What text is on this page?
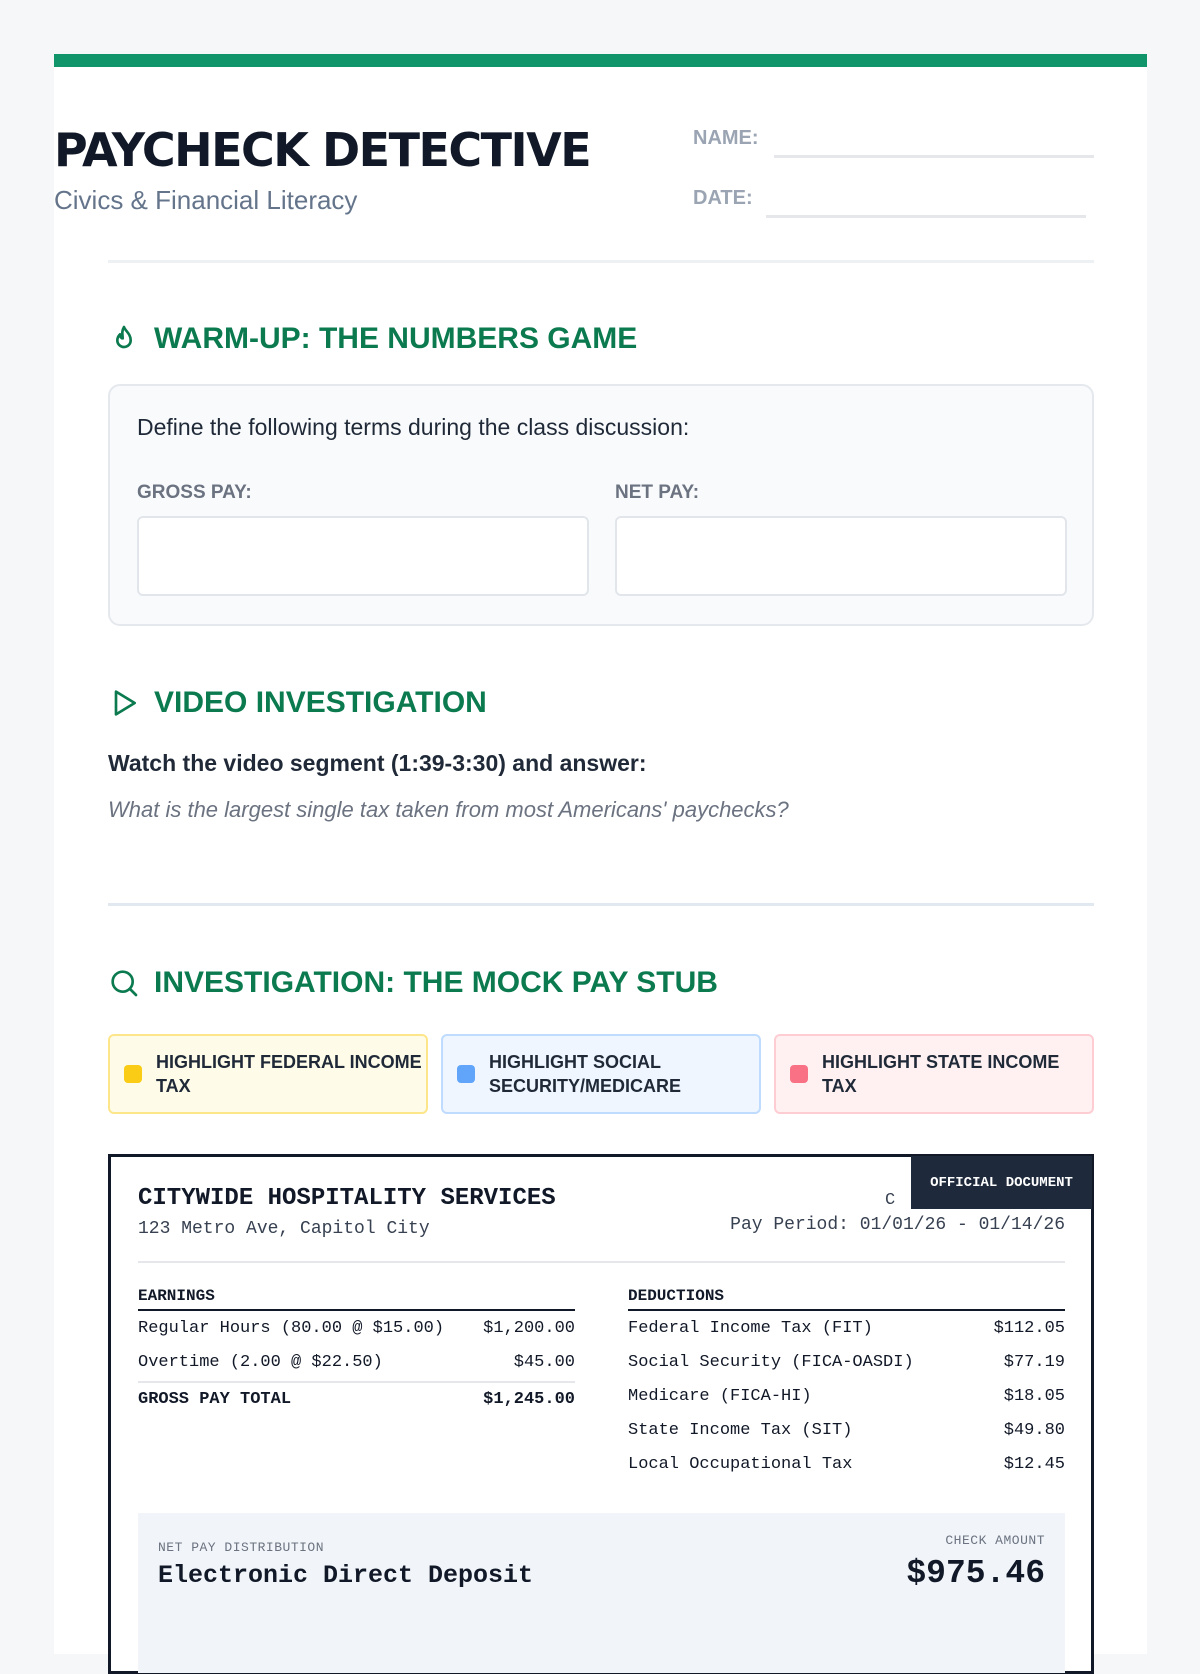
PAYCHECK DETECTIVE
Civics & Financial Literacy
NAME:
DATE:
WARM-UP: THE NUMBERS GAME
Define the following terms during the class discussion:
GROSS PAY:	NET PAY:
VIDEO INVESTIGATION
Watch the video segment (1:39-3:30) and answer:
What is the largest single tax taken from most Americans' paychecks?
INVESTIGATION: THE MOCK PAY STUB
HIGHLIGHT FEDERAL INCOME TAX
HIGHLIGHT SOCIAL SECURITY/MEDICARE
HIGHLIGHT STATE INCOME TAX
OFFICIAL DOCUMENT
CITYWIDE HOSPITALITY SERVICES
123 Metro Ave, Capitol City
C
Pay Period: 01/01/26 - 01/14/26
EARNINGS
Regular Hours (80.00 @ $15.00) $1,200.00
Overtime (2.00 @ $22.50)	$45.00
GROSS PAY TOTAL	$1,245.00
DEDUCTIONS
Federal Income Tax (FIT)	$112.05
Social Security (FICA-OASDI)	$77.19
Medicare (FICA-HI)	$18.05
State Income Tax (SIT)	$49.80
Local Occupational Tax	$12.45
NET PAY DISTRIBUTION
Electronic Direct Deposit
CHECK AMOUNT
$975.46
